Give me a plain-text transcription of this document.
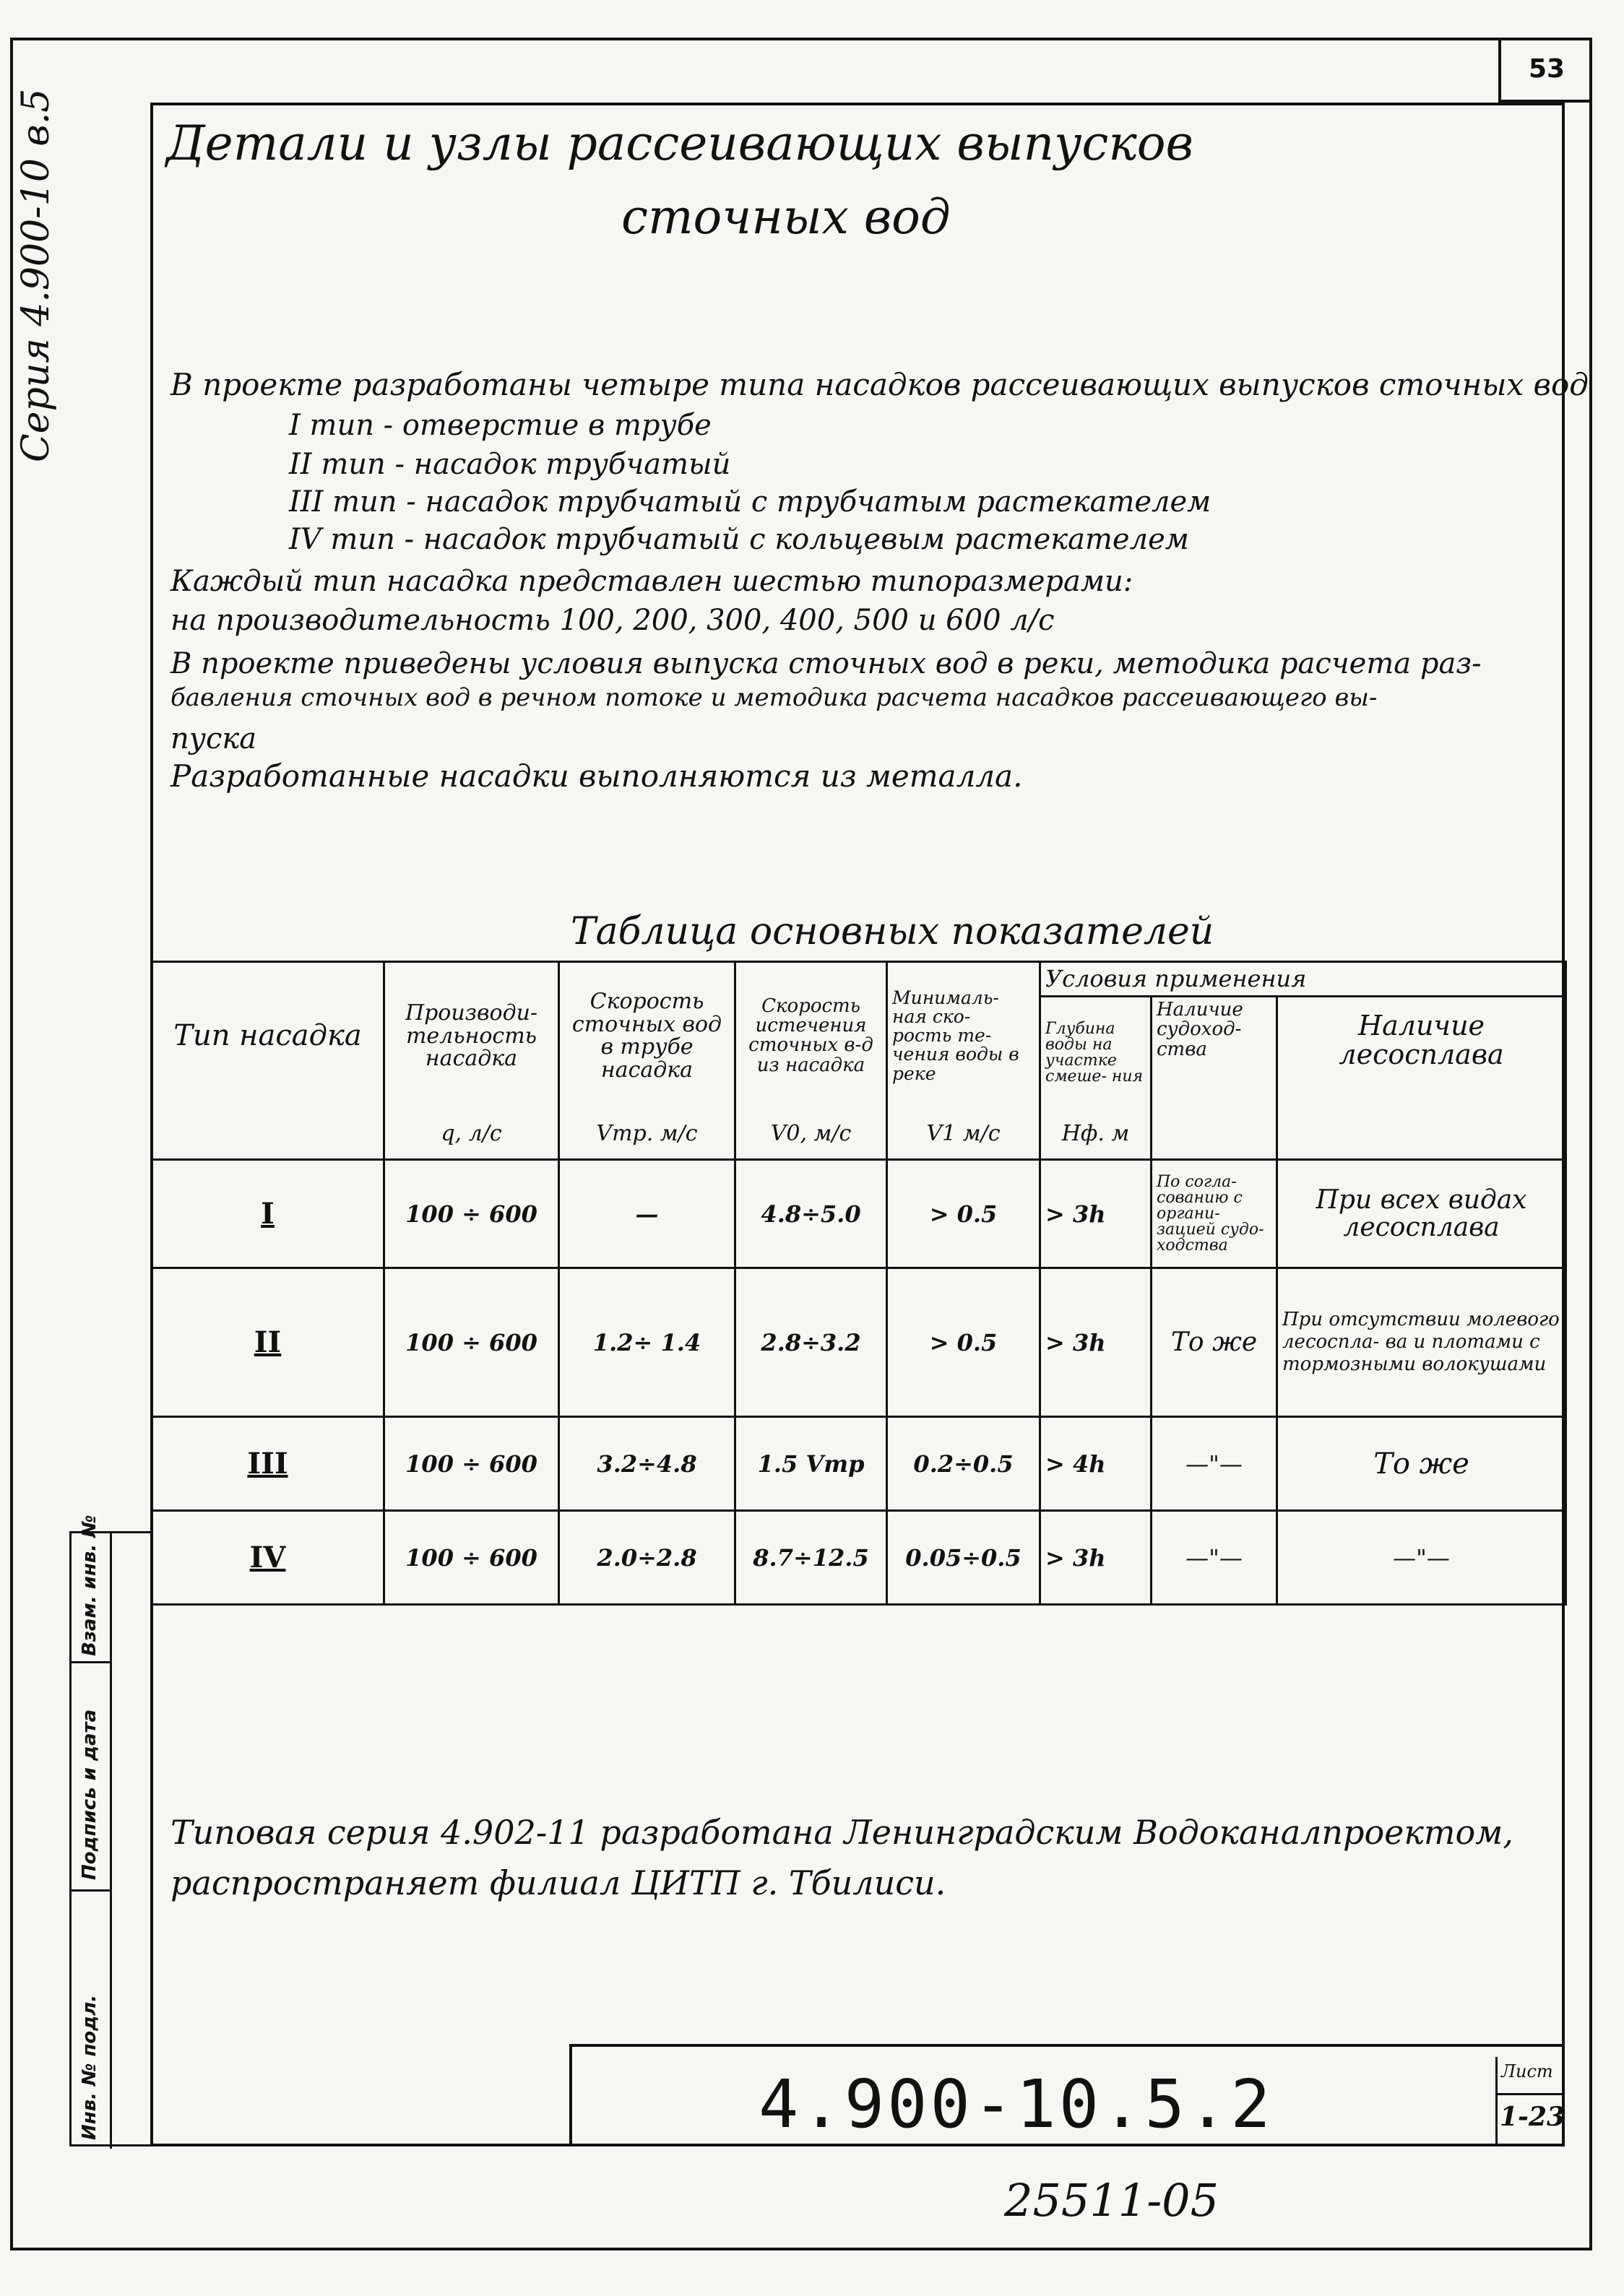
53
Серия 4.900-10 в.5
Взам. инв. №
Подпись и дата
Инв. № подл.
Детали и узлы рассеивающих выпусков
сточных вод
В проекте разработаны четыре типа насадков рассеивающих выпусков сточных вод
I тип - отверстие в трубе
II тип - насадок трубчатый
III тип - насадок трубчатый с трубчатым растекателем
IV тип - насадок трубчатый с кольцевым растекателем
Каждый тип насадка представлен шестью типоразмерами:
на производительность 100, 200, 300, 400, 500 и 600 л/с
В проекте приведены условия выпуска сточных вод в реки, методика расчета раз-
бавления сточных вод в речном потоке и методика расчета насадков рассеивающего вы-
пуска
Разработанные насадки выполняются из металла.
Таблица основных показателей
Тип насадка	Производи- тельность насадка	Скорость сточных вод в трубе насадка	Скорость истечения сточных в-д из насадка	Минималь- ная ско- рость те- чения воды в реке	Условия применения		
					Глубина воды на участке смеше- ния	Наличие судоход- ства	Наличие лесосплава
	q, л/с	Vтр. м/с	V0, м/с	V1 м/с	Нф. м		
I	100 ÷ 600	—	4.8÷5.0	> 0.5	> 3h	По согла- сованию с органи- зацией судо- ходства	При всех видах лесосплава
II	100 ÷ 600	1.2÷ 1.4	2.8÷3.2	> 0.5	> 3h	То же	При отсутствии молевого лесоспла- ва и плотами с тормозными волокушами
III	100 ÷ 600	3.2÷4.8	1.5 Vтр	0.2÷0.5	> 4h	—"—	То же
IV	100 ÷ 600	2.0÷2.8	8.7÷12.5	0.05÷0.5	> 3h	—"—	—"—
Типовая серия 4.902-11 разработана Ленинградским Водоканалпроектом,
распространяет филиал ЦИТП г. Тбилиси.
4.900-10.5.2	Лист
1-23
25511-05
